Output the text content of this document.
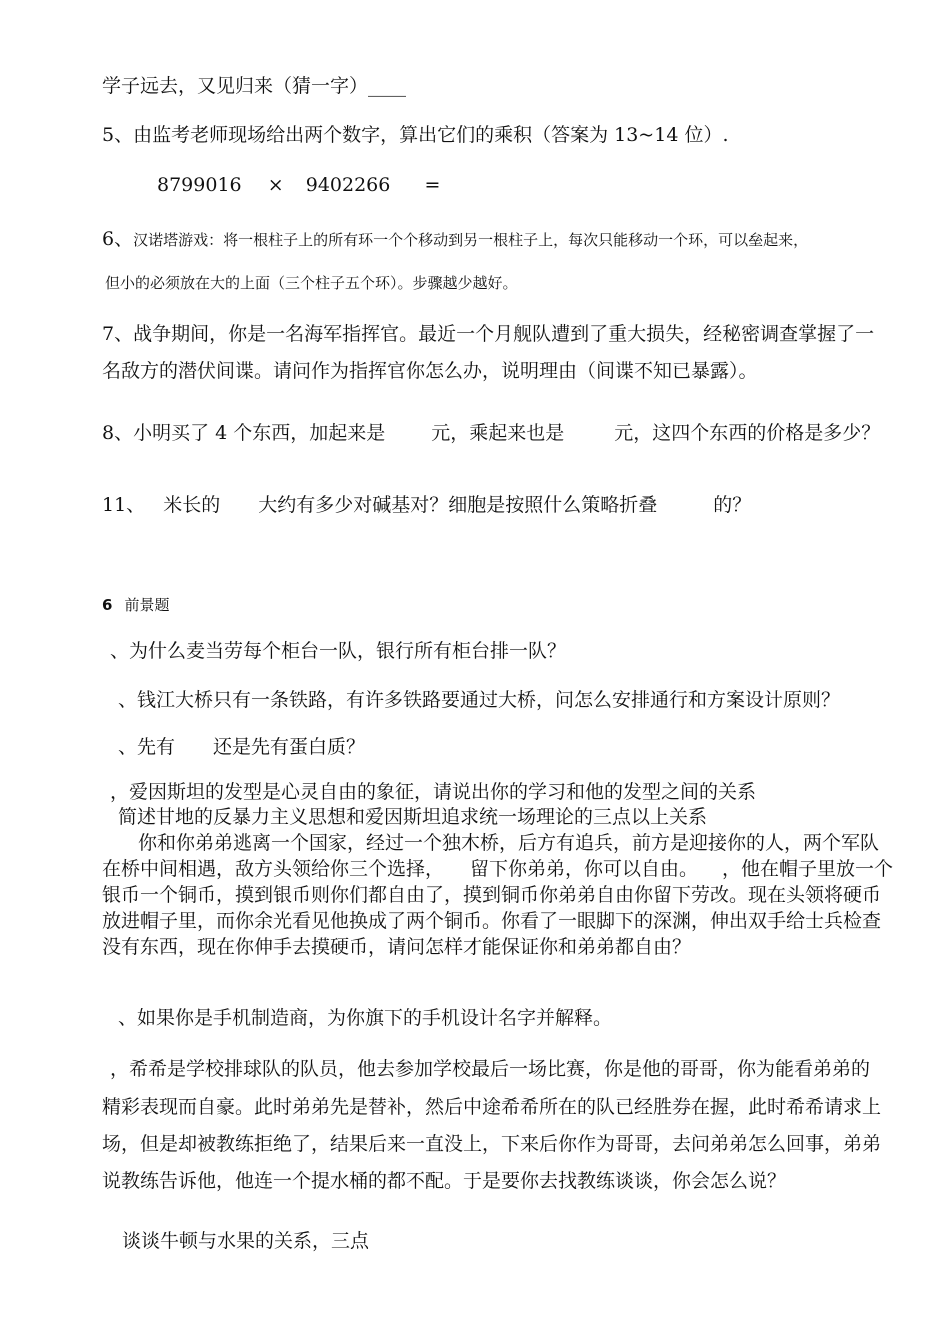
学子远去，又见归来（猜一字）____
5、由监考老师现场给出两个数字，算出它们的乘积（答案为 13~14 位）.
8799016 × 9402266 =
6、汉诺塔游戏：将一根柱子上的所有环一个个移动到另一根柱子上，每次只能移动一个环，可以垒起来，
但小的必须放在大的上面（三个柱子五个环）。步骤越少越好。
7、战争期间，你是一名海军指挥官。最近一个月舰队遭到了重大损失，经秘密调查掌握了一
名敌方的潜伏间谍。请问作为指挥官你怎么办，说明理由（间谍不知已暴露）。
8、小明买了 4 个东西，加起来是 元，乘起来也是	元，这四个东西的价格是多少？
11、 米长的 大约有多少对碱基对？细胞是按照什么策略折叠	的？
6 前景题
、为什么麦当劳每个柜台一队，银行所有柜台排一队？
、钱江大桥只有一条铁路，有许多铁路要通过大桥，问怎么安排通行和方案设计原则？
、先有 还是先有蛋白质？
，爱因斯坦的发型是心灵自由的象征，请说出你的学习和他的发型之间的关系
简述甘地的反暴力主义思想和爱因斯坦追求统一场理论的三点以上关系
你和你弟弟逃离一个国家，经过一个独木桥，后方有追兵，前方是迎接你的人，两个军队
在桥中间相遇，敌方头领给你三个选择， 留下你弟弟，你可以自由。 ，他在帽子里放一个
银币一个铜币，摸到银币则你们都自由了，摸到铜币你弟弟自由你留下劳改。现在头领将硬币
放进帽子里，而你余光看见他换成了两个铜币。你看了一眼脚下的深渊，伸出双手给士兵检查
没有东西，现在你伸手去摸硬币，请问怎样才能保证你和弟弟都自由？
、如果你是手机制造商，为你旗下的手机设计名字并解释。
，希希是学校排球队的队员，他去参加学校最后一场比赛，你是他的哥哥，你为能看弟弟的
精彩表现而自豪。此时弟弟先是替补，然后中途希希所在的队已经胜券在握，此时希希请求上
场，但是却被教练拒绝了，结果后来一直没上，下来后你作为哥哥，去问弟弟怎么回事，弟弟
说教练告诉他，他连一个提水桶的都不配。于是要你去找教练谈谈，你会怎么说？
谈谈牛顿与水果的关系，三点
